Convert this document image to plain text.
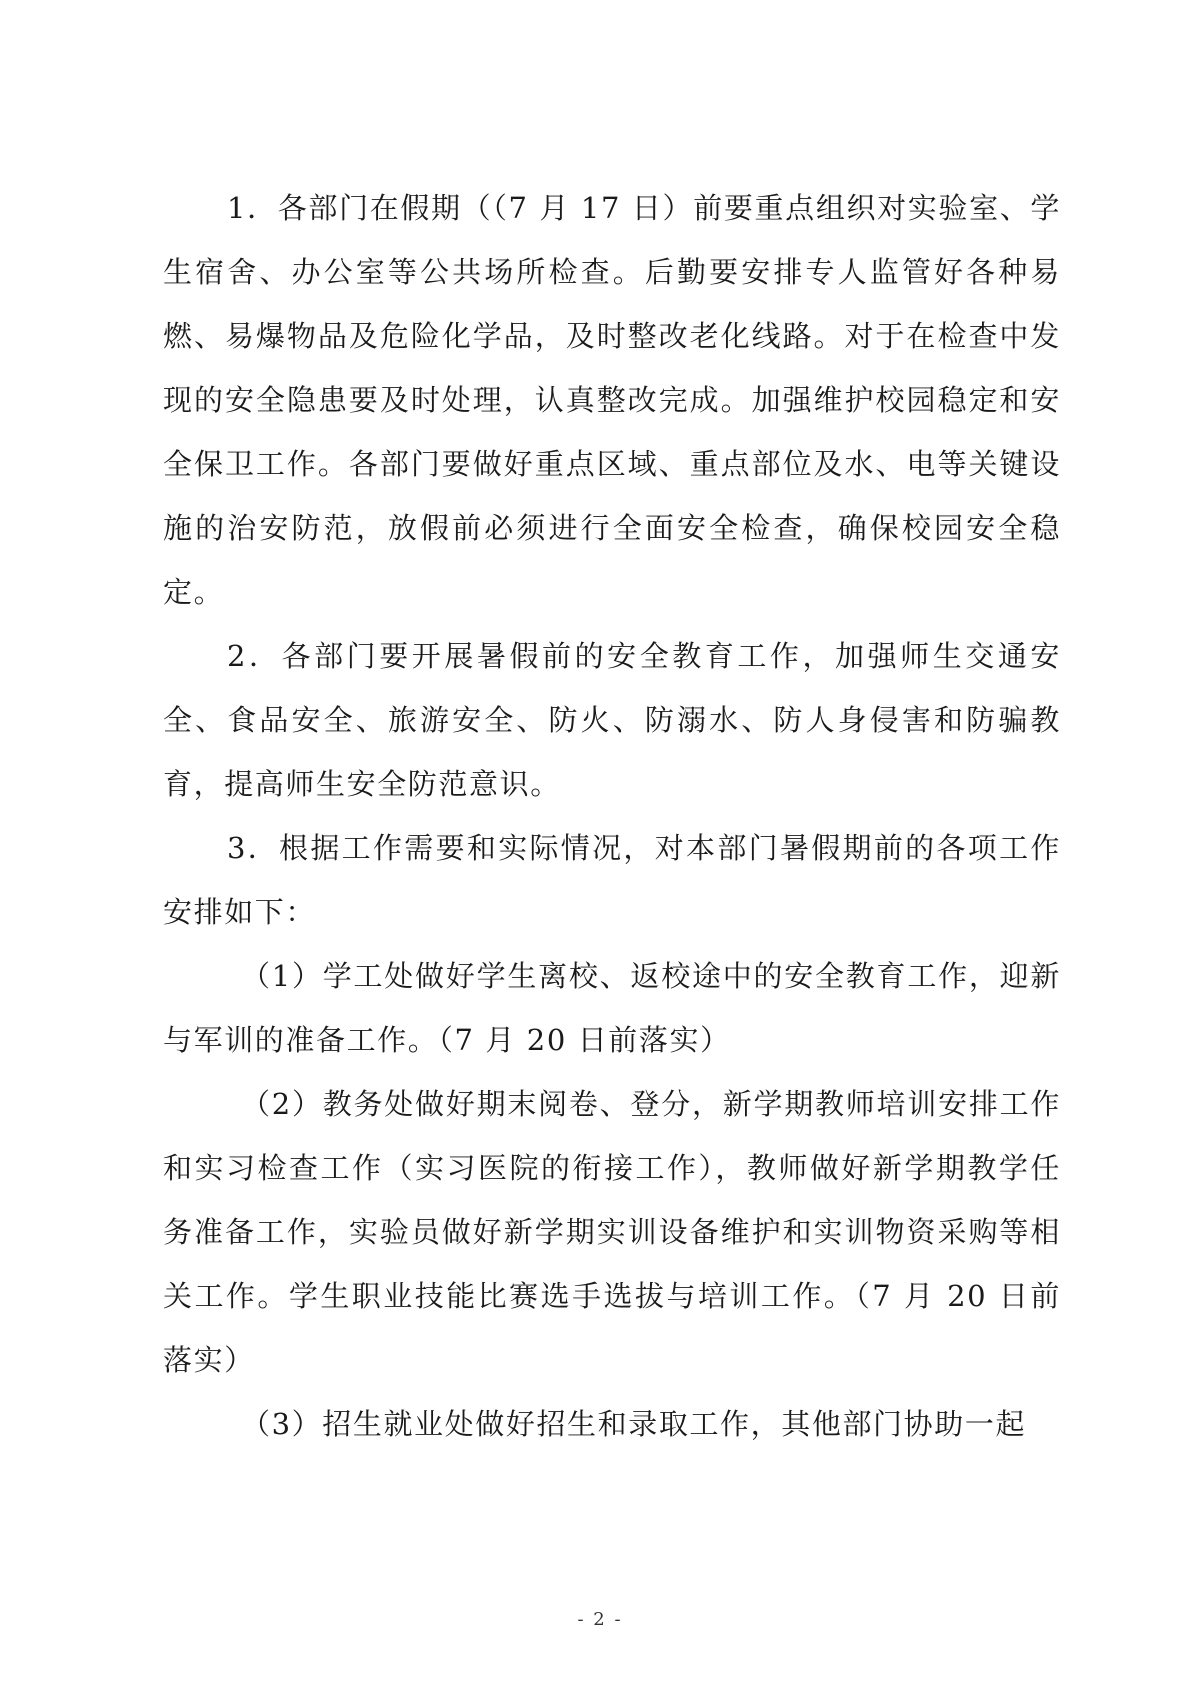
1．各部门在假期（（7 月 17 日）前要重点组织对实验室、学生宿舍、办公室等公共场所检查。后勤要安排专人监管好各种易燃、易爆物品及危险化学品，及时整改老化线路。对于在检查中发现的安全隐患要及时处理，认真整改完成。加强维护校园稳定和安全保卫工作。各部门要做好重点区域、重点部位及水、电等关键设施的治安防范，放假前必须进行全面安全检查，确保校园安全稳定。

2．各部门要开展暑假前的安全教育工作，加强师生交通安全、食品安全、旅游安全、防火、防溺水、防人身侵害和防骗教育，提高师生安全防范意识。

3．根据工作需要和实际情况，对本部门暑假期前的各项工作安排如下：

（1）学工处做好学生离校、返校途中的安全教育工作，迎新与军训的准备工作。（7 月 20 日前落实）

（2）教务处做好期末阅卷、登分，新学期教师培训安排工作和实习检查工作（实习医院的衔接工作），教师做好新学期教学任务准备工作，实验员做好新学期实训设备维护和实训物资采购等相关工作。学生职业技能比赛选手选拔与培训工作。（7 月 20 日前落实）

（3）招生就业处做好招生和录取工作，其他部门协助一起

- 2 -
